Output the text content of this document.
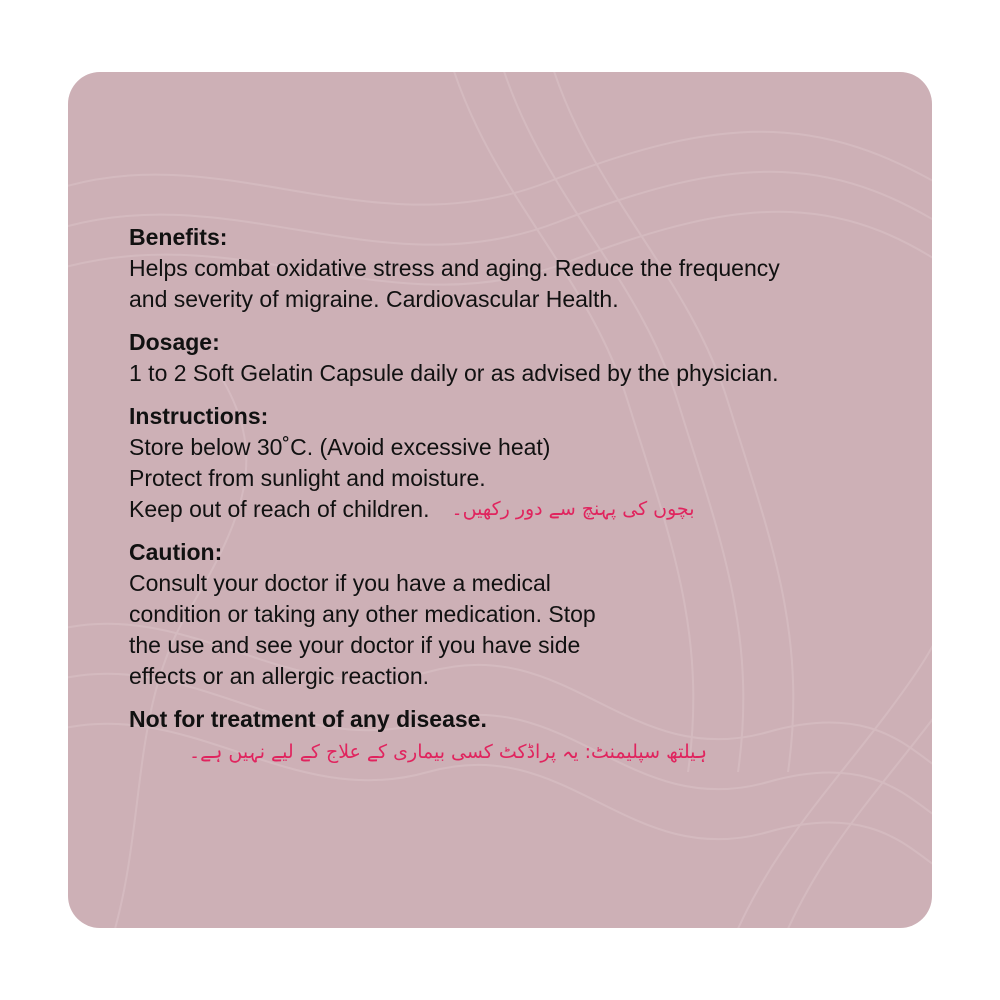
Benefits:
Helps combat oxidative stress and aging. Reduce the frequency
and severity of migraine. Cardiovascular Health.
Dosage:
1 to 2 Soft Gelatin Capsule daily or as advised by the physician.
Instructions:
Store below 30˚C. (Avoid excessive heat)
Protect from sunlight and moisture.
Keep out of reach of children. بچوں کی پہنچ سے دور رکھیں۔
Caution:
Consult your doctor if you have a medical
condition or taking any other medication. Stop
the use and see your doctor if you have side
effects or an allergic reaction.
Not for treatment of any disease.
ہیلتھ سپلیمنٹ: یہ پراڈکٹ کسی بیماری کے علاج کے لیے نہیں ہے۔
